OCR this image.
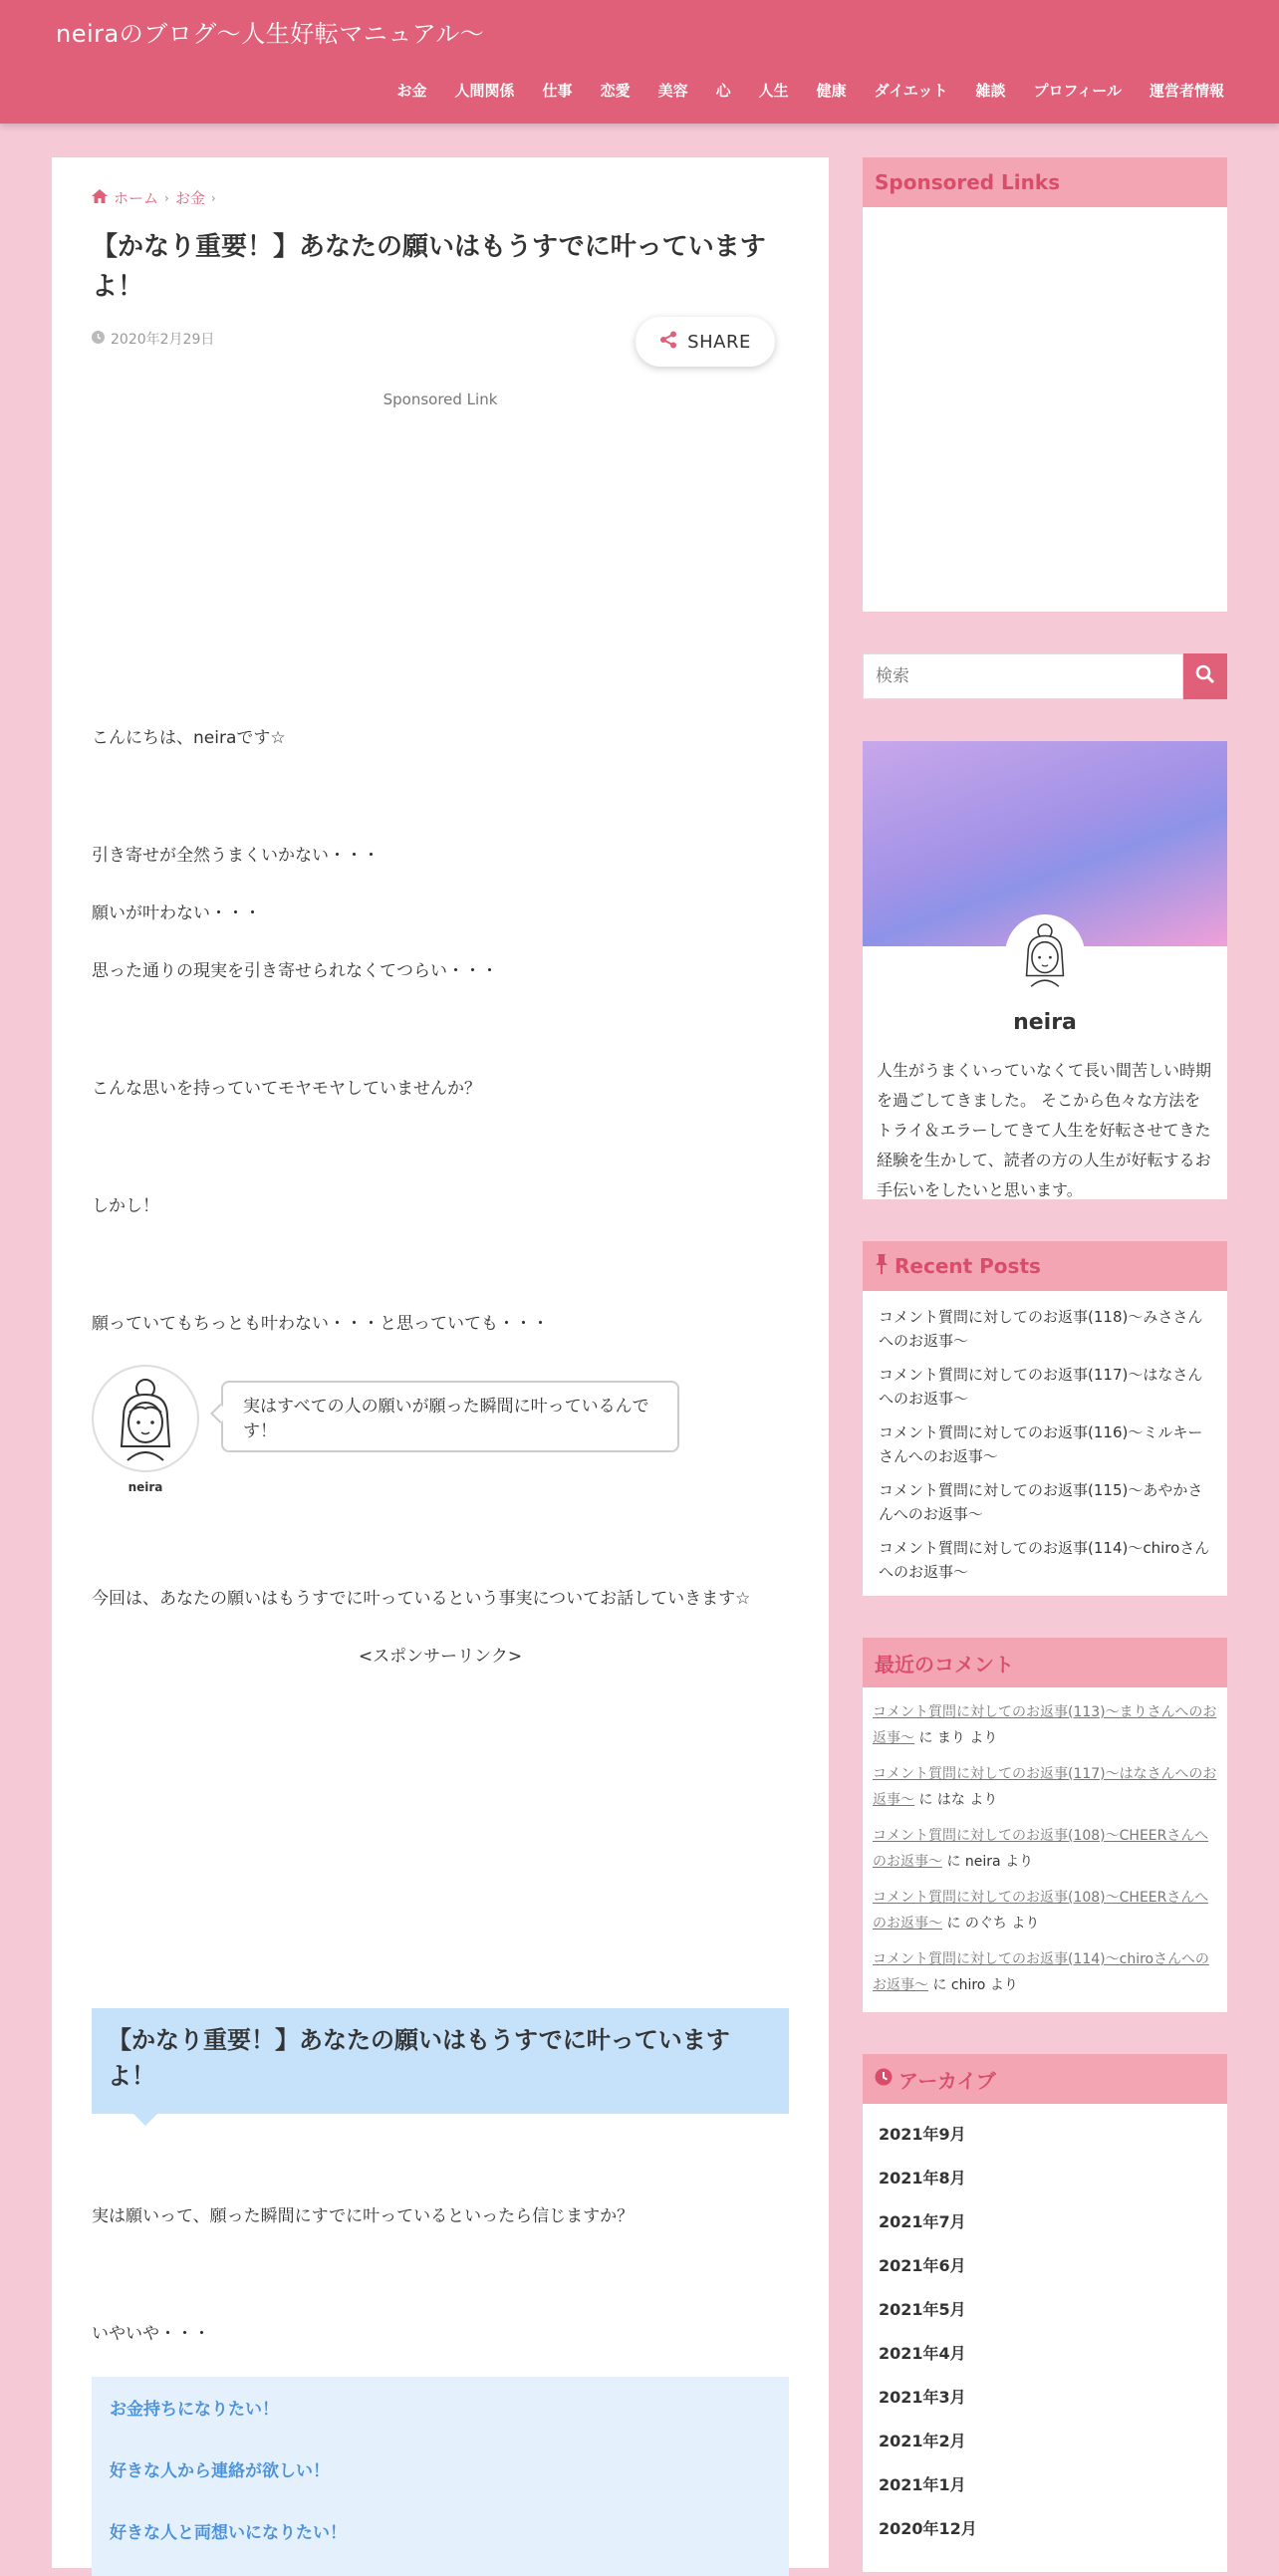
neiraのブログ～人生好転マニュアル～
お金 人間関係 仕事 恋愛 美容 心 人生 健康 ダイエット 雑談 プロフィール 運営者情報
ホーム › お金 ›
【かなり重要！】あなたの願いはもうすでに叶っていますよ！
2020年2月29日	SHARE
Sponsored Link
こんにちは、neiraです☆
引き寄せが全然うまくいかない・・・
願いが叶わない・・・
思った通りの現実を引き寄せられなくてつらい・・・
こんな思いを持っていてモヤモヤしていませんか？
しかし！
願っていてもちっとも叶わない・・・と思っていても・・・
neira
実はすべての人の願いが願った瞬間に叶っているんです！
今回は、あなたの願いはもうすでに叶っているという事実についてお話していきます☆
<スポンサーリンク>
【かなり重要！】あなたの願いはもうすでに叶っていますよ！
実は願いって、願った瞬間にすでに叶っているといったら信じますか？
いやいや・・・
お金持ちになりたい！
好きな人から連絡が欲しい！
好きな人と両想いになりたい！
Sponsored Links
検索
neira
人生がうまくいっていなくて長い間苦しい時期を過ごしてきました。 そこから色々な方法をトライ＆エラーしてきて人生を好転させてきた経験を生かして、読者の方の人生が好転するお手伝いをしたいと思います。
Recent Posts
コメント質問に対してのお返事(118)～みささんへのお返事～
コメント質問に対してのお返事(117)～はなさんへのお返事～
コメント質問に対してのお返事(116)～ミルキーさんへのお返事～
コメント質問に対してのお返事(115)～あやかさんへのお返事～
コメント質問に対してのお返事(114)～chiroさんへのお返事～
最近のコメント
コメント質問に対してのお返事(113)～まりさんへのお返事～ に まり より
コメント質問に対してのお返事(117)～はなさんへのお返事～ に はな より
コメント質問に対してのお返事(108)～CHEERさんへのお返事～ に neira より
コメント質問に対してのお返事(108)～CHEERさんへのお返事～ に のぐち より
コメント質問に対してのお返事(114)～chiroさんへのお返事～ に chiro より
アーカイブ
2021年9月
2021年8月
2021年7月
2021年6月
2021年5月
2021年4月
2021年3月
2021年2月
2021年1月
2020年12月
